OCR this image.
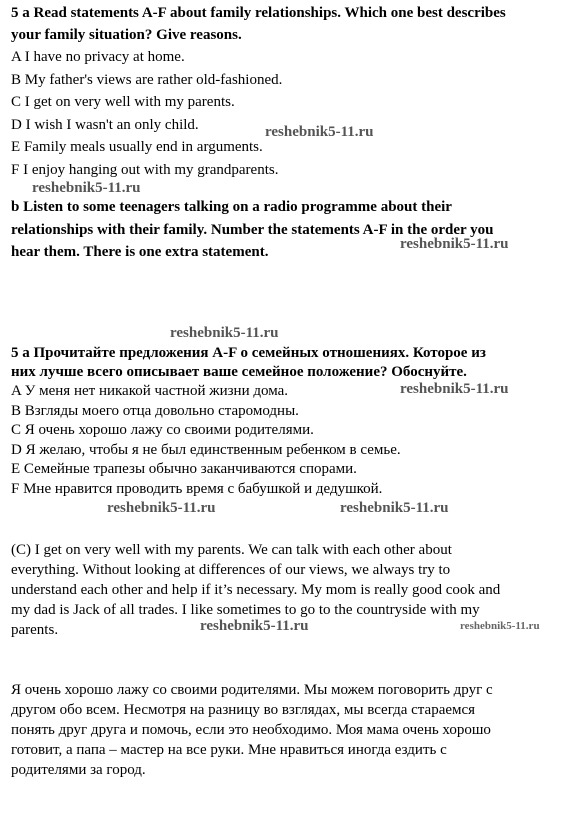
5 a Read statements A-F about family relationships. Which one best describes

your family situation? Give reasons.

A I have no privacy at home.

B My father's views are rather old-fashioned.

C I get on very well with my parents.

D I wish I wasn't an only child.

E Family meals usually end in arguments.

F I enjoy hanging out with my grandparents.

b Listen to some teenagers talking on a radio programme about their

relationships with their family. Number the statements A-F in the order you

hear them. There is one extra statement.

5 а Прочитайте предложения A-F о семейных отношениях. Которое из

них лучше всего описывает ваше семейное положение? Обоснуйте.

A У меня нет никакой частной жизни дома.

B Взгляды моего отца довольно старомодны.

C Я очень хорошо лажу со своими родителями.

D Я желаю, чтобы я не был единственным ребенком в семье.

E Семейные трапезы обычно заканчиваются спорами.

F Мне нравится проводить время с бабушкой и дедушкой.

(C) I get on very well with my parents. We can talk with each other about

everything. Without looking at differences of our views, we always try to

understand each other and help if it’s necessary. My mom is really good cook and

my dad is Jack of all trades. I like sometimes to go to the countryside with my

parents.

Я очень хорошо лажу со своими родителями. Мы можем поговорить друг с

другом обо всем. Несмотря на разницу во взглядах, мы всегда стараемся

понять друг друга и помочь, если это необходимо. Моя мама очень хорошо

готовит, а папа – мастер на все руки. Мне нравиться иногда ездить с

родителями за город.

reshebnik5-11.ru
reshebnik5-11.ru
reshebnik5-11.ru
reshebnik5-11.ru
reshebnik5-11.ru
reshebnik5-11.ru	reshebnik5-11.ru
reshebnik5-11.ru	reshebnik5-11.ru
